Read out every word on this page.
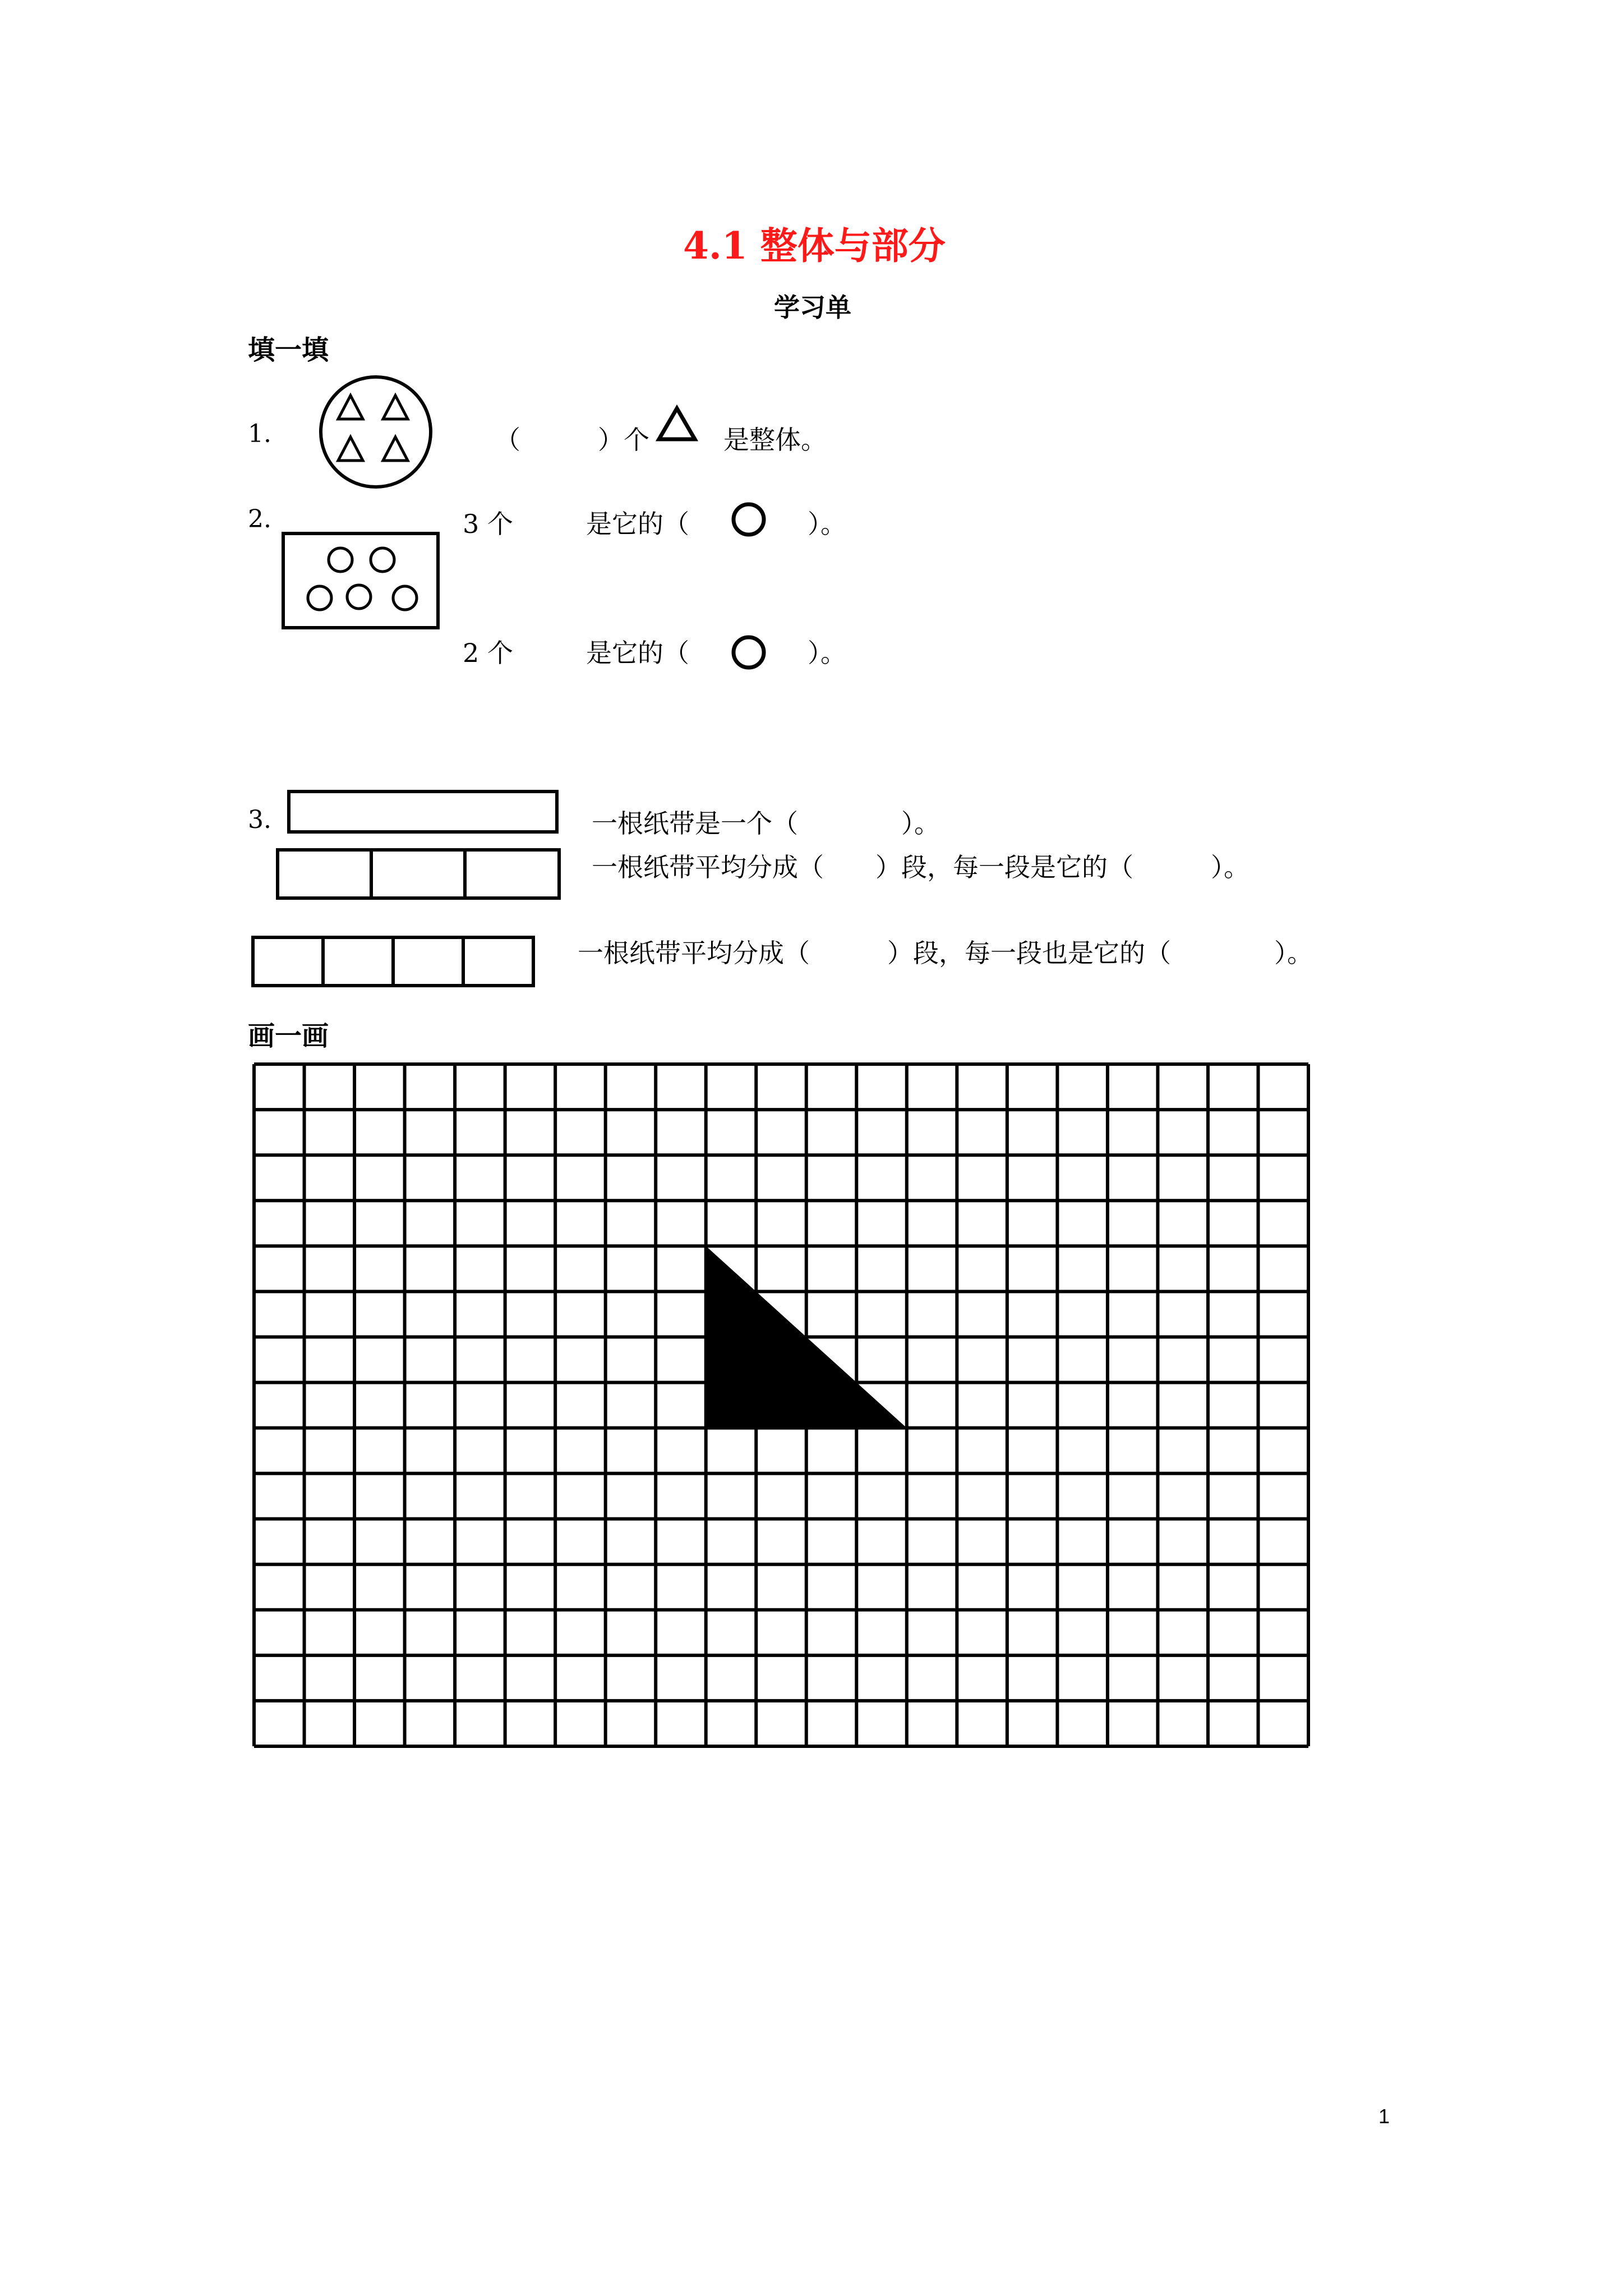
4.1 整体与部分
学习单
填一填
1.	（　　　）个	是整体。
2.	3 个	是它的（	）。
2 个	是它的（	）。
3.	一根纸带是一个（　　　　）。
一根纸带平均分成（　　）段，每一段是它的（　　　）。
一根纸带平均分成（　　　）段，每一段也是它的（　　　　）。
画一画
1
